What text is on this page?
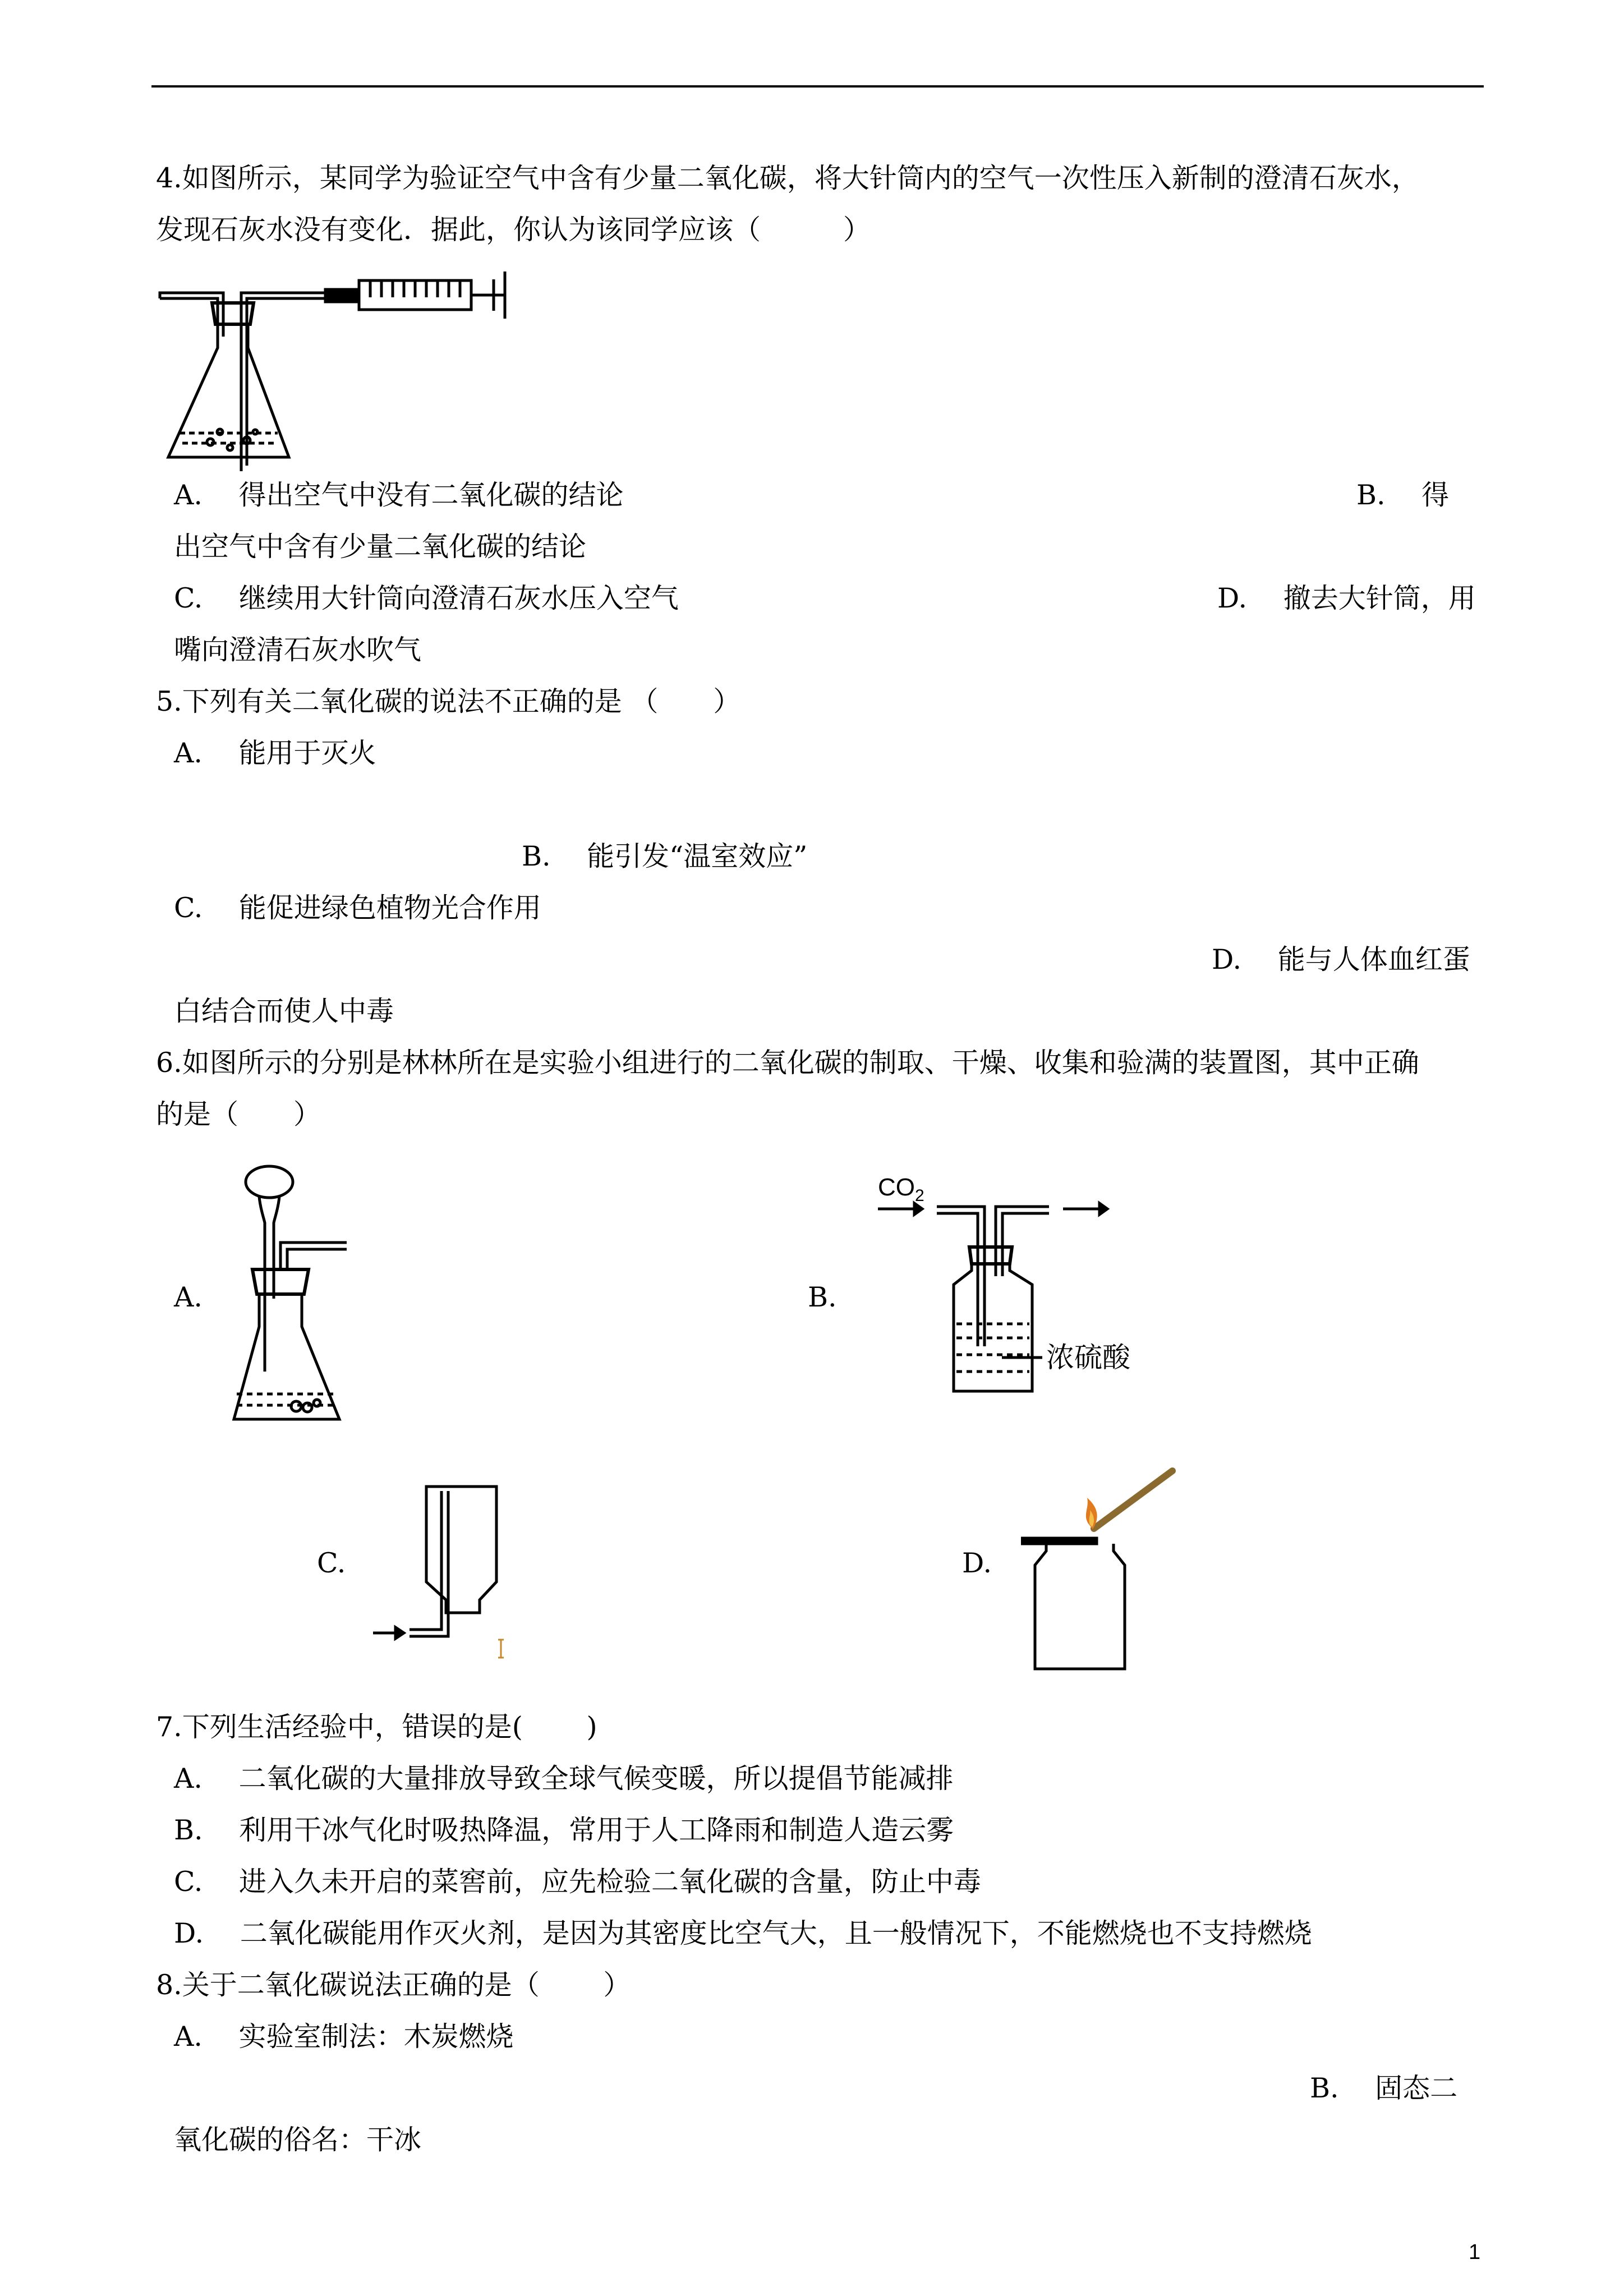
4.如图所示，某同学为验证空气中含有少量二氧化碳，将大针筒内的空气一次性压入新制的澄清石灰水，
发现石灰水没有变化．据此，你认为该同学应该（　　　）
A.　 得出空气中没有二氧化碳的结论	B.　 得
出空气中含有少量二氧化碳的结论
C.　 继续用大针筒向澄清石灰水压入空气	D.　 撤去大针筒，用
嘴向澄清石灰水吹气
5.下列有关二氧化碳的说法不正确的是 （　　）
A.　 能用于灭火
B.　 能引发“温室效应”
C.　 能促进绿色植物光合作用
D.　 能与人体血红蛋
白结合而使人中毒
6.如图所示的分别是林林所在是实验小组进行的二氧化碳的制取、干燥、收集和验满的装置图，其中正确
的是（　　）
A.	B.
$CO_2$
浓硫酸
C.	D.
7.下列生活经验中，错误的是(　　 )
A.　 二氧化碳的大量排放导致全球气候变暖，所以提倡节能减排
B.　 利用干冰气化时吸热降温，常用于人工降雨和制造人造云雾
C.　 进入久未开启的菜窖前，应先检验二氧化碳的含量，防止中毒
D.　 二氧化碳能用作灭火剂，是因为其密度比空气大，且一般情况下，不能燃烧也不支持燃烧
8.关于二氧化碳说法正确的是（　　 ）
A.　 实验室制法：木炭燃烧
B.　 固态二
氧化碳的俗名：干冰
1
